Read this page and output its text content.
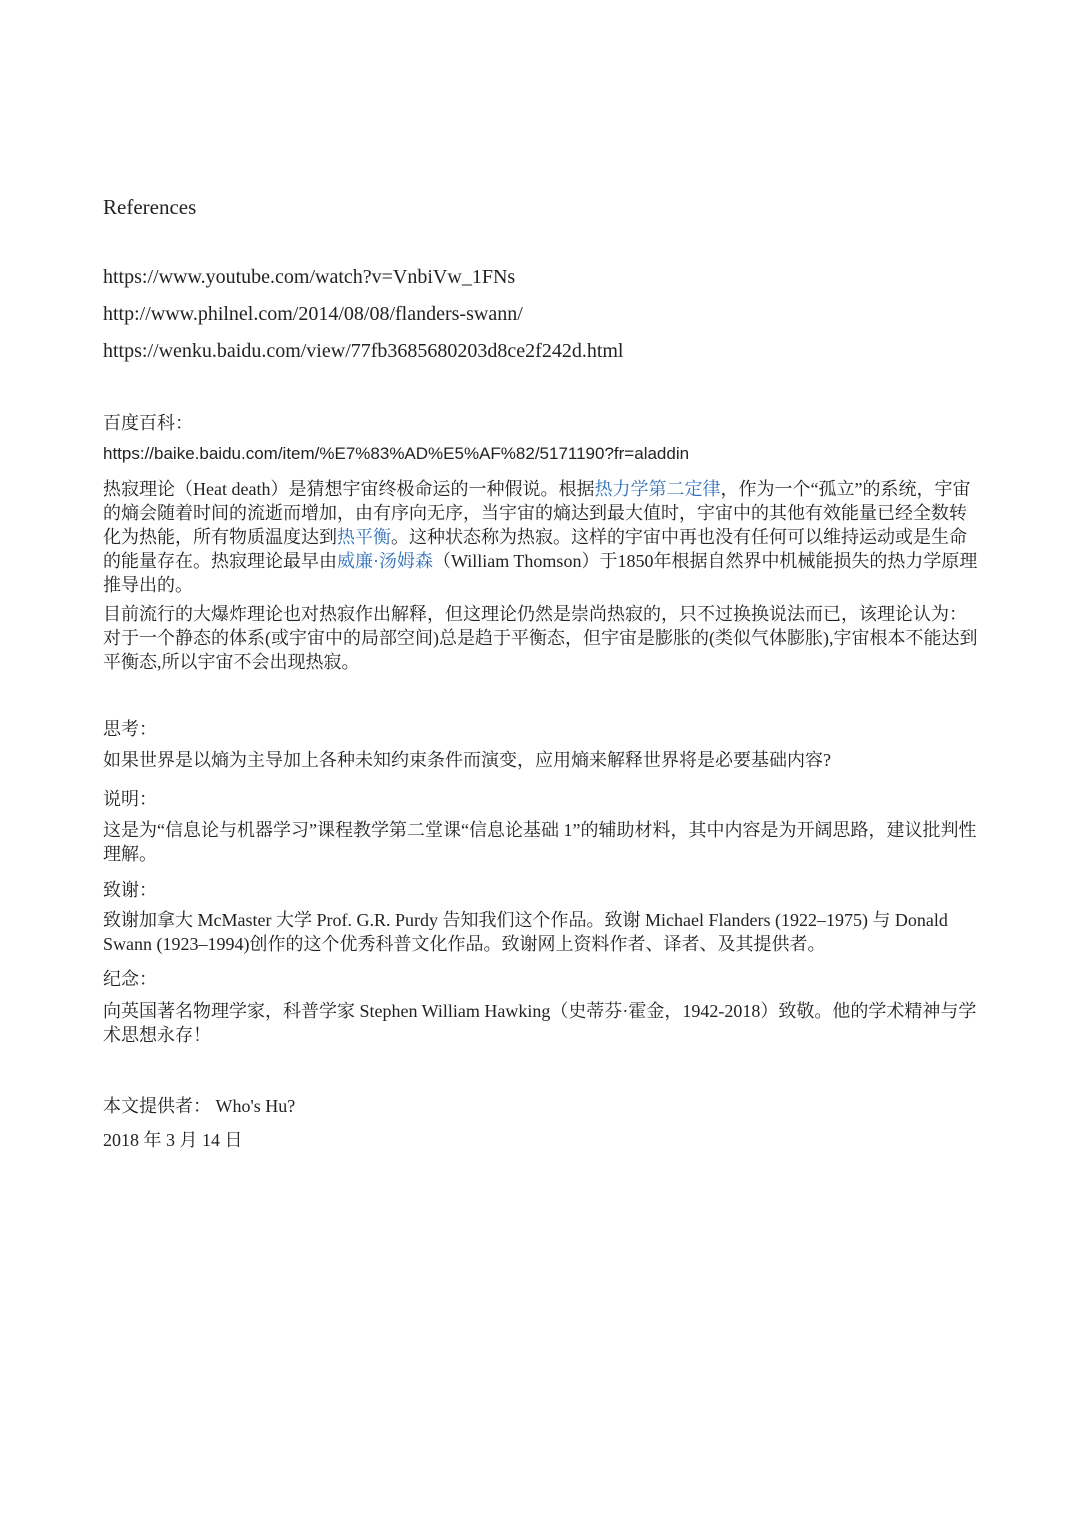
References
https://www.youtube.com/watch?v=VnbiVw_1FNs
http://www.philnel.com/2014/08/08/flanders-swann/
https://wenku.baidu.com/view/77fb3685680203d8ce2f242d.html
百度百科：
https://baike.baidu.com/item/%E7%83%AD%E5%AF%82/5171190?fr=aladdin

热寂理论（Heat death）是猜想宇宙终极命运的一种假说。根据热力学第二定律，作为一个“孤立”的系统，宇宙的熵会随着时间的流逝而增加，由有序向无序，当宇宙的熵达到最大值时，宇宙中的其他有效能量已经全数转化为热能，所有物质温度达到热平衡。这种状态称为热寂。这样的宇宙中再也没有任何可以维持运动或是生命的能量存在。热寂理论最早由威廉·汤姆森（William Thomson）于1850年根据自然界中机械能损失的热力学原理推导出的。

目前流行的大爆炸理论也对热寂作出解释，但这理论仍然是崇尚热寂的，只不过换换说法而已，该理论认为：对于一个静态的体系(或宇宙中的局部空间)总是趋于平衡态，但宇宙是膨胀的(类似气体膨胀),宇宙根本不能达到平衡态,所以宇宙不会出现热寂。

思考：

如果世界是以熵为主导加上各种未知约束条件而演变，应用熵来解释世界将是必要基础内容?

说明：

这是为“信息论与机器学习”课程教学第二堂课“信息论基础 1”的辅助材料，其中内容是为开阔思路，建议批判性理解。

致谢：

致谢加拿大 McMaster 大学 Prof. G.R. Purdy 告知我们这个作品。致谢 Michael Flanders (1922–1975) 与 Donald Swann (1923–1994)创作的这个优秀科普文化作品。致谢网上资料作者、译者、及其提供者。

纪念：

向英国著名物理学家，科普学家 Stephen William Hawking（史蒂芬·霍金，1942-2018）致敬。他的学术精神与学术思想永存！

本文提供者： Who's Hu?
2018 年 3 月 14 日
